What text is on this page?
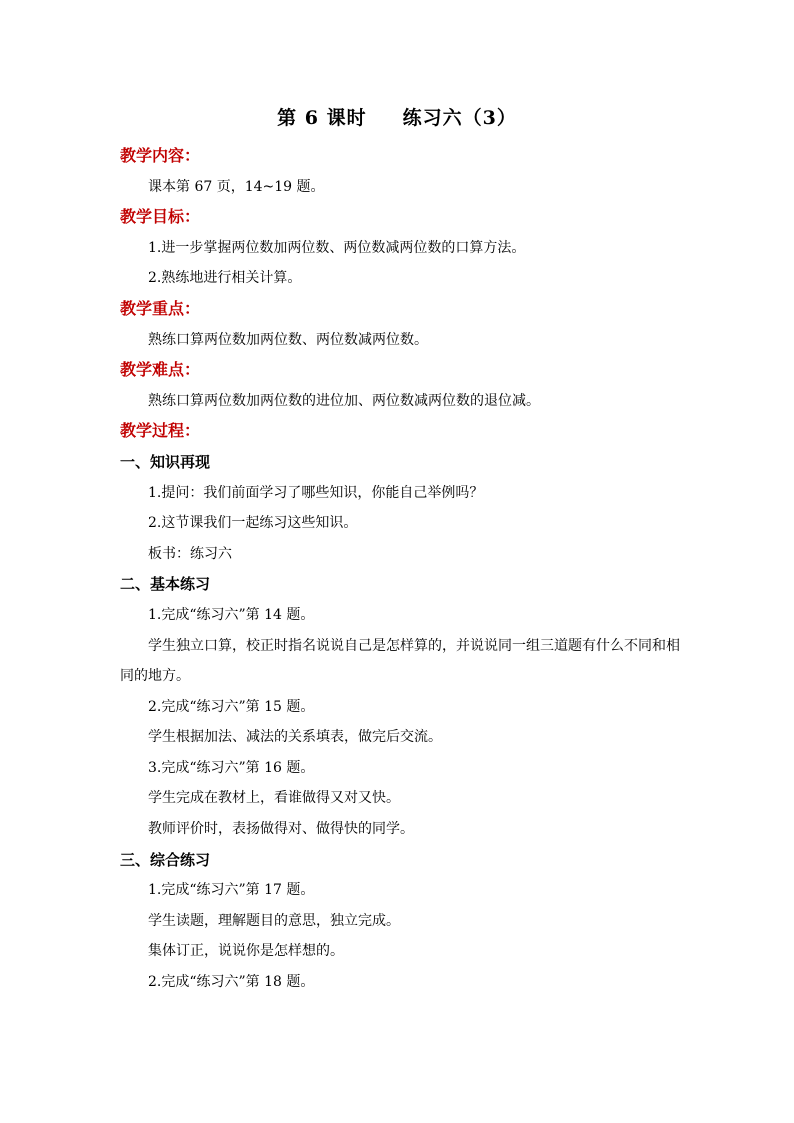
第 6 课时 练习六（3）
教学内容：
课本第 67 页，14~19 题。
教学目标：
1.进一步掌握两位数加两位数、两位数减两位数的口算方法。
2.熟练地进行相关计算。
教学重点：
熟练口算两位数加两位数、两位数减两位数。
教学难点：
熟练口算两位数加两位数的进位加、两位数减两位数的退位减。
教学过程：
一、知识再现
1.提问：我们前面学习了哪些知识，你能自己举例吗？
2.这节课我们一起练习这些知识。
板书：练习六
二、基本练习
1.完成“练习六”第 14 题。
学生独立口算，校正时指名说说自己是怎样算的，并说说同一组三道题有什么不同和相同的地方。
2.完成“练习六”第 15 题。
学生根据加法、减法的关系填表，做完后交流。
3.完成“练习六”第 16 题。
学生完成在教材上，看谁做得又对又快。
教师评价时，表扬做得对、做得快的同学。
三、综合练习
1.完成“练习六”第 17 题。
学生读题，理解题目的意思，独立完成。
集体订正，说说你是怎样想的。
2.完成“练习六”第 18 题。
